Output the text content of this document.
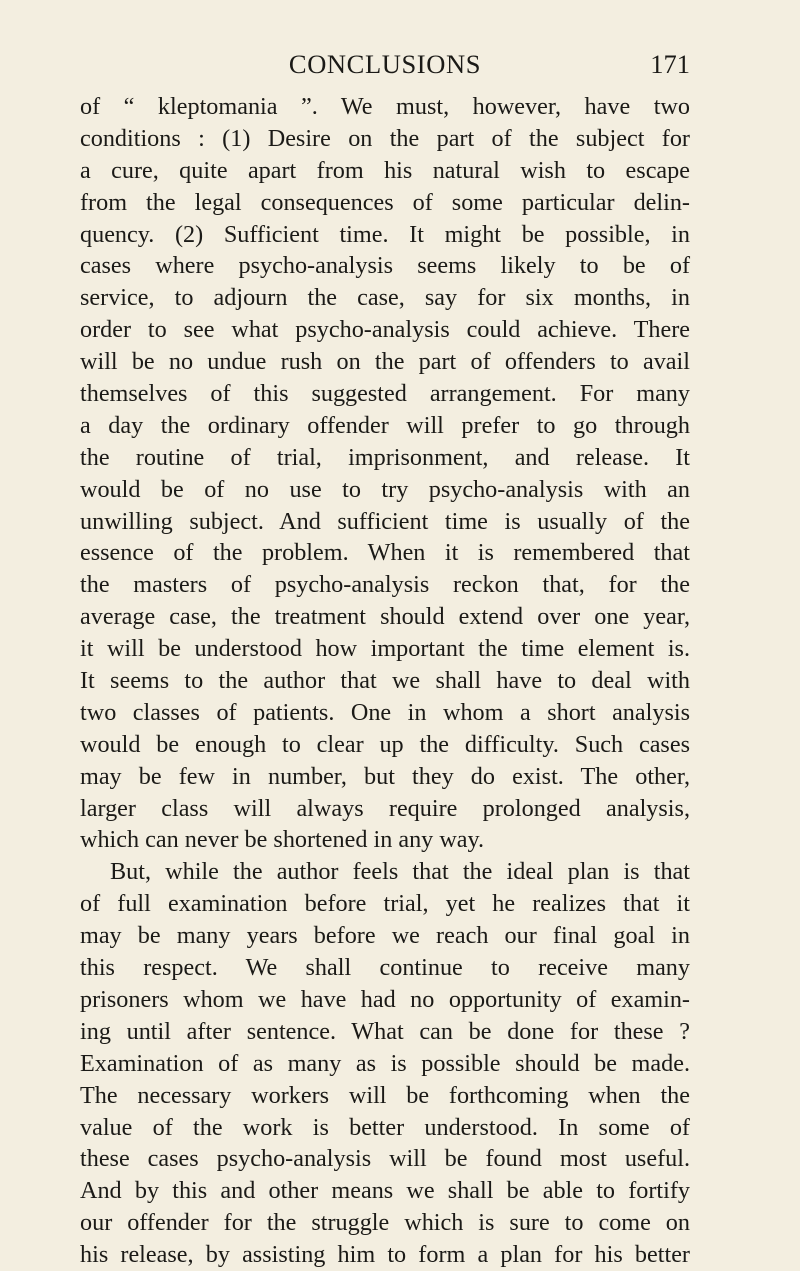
CONCLUSIONS	171
of “ kleptomania ”. We must, however, have two
conditions : (1) Desire on the part of the subject for
a cure, quite apart from his natural wish to escape
from the legal consequences of some particular delin-
quency. (2) Sufficient time. It might be possible, in
cases where psycho-analysis seems likely to be of
service, to adjourn the case, say for six months, in
order to see what psycho-analysis could achieve. There
will be no undue rush on the part of offenders to avail
themselves of this suggested arrangement. For many
a day the ordinary offender will prefer to go through
the routine of trial, imprisonment, and release. It
would be of no use to try psycho-analysis with an
unwilling subject. And sufficient time is usually of the
essence of the problem. When it is remembered that
the masters of psycho-analysis reckon that, for the
average case, the treatment should extend over one year,
it will be understood how important the time element is.
It seems to the author that we shall have to deal with
two classes of patients. One in whom a short analysis
would be enough to clear up the difficulty. Such cases
may be few in number, but they do exist. The other,
larger class will always require prolonged analysis,
which can never be shortened in any way.
But, while the author feels that the ideal plan is that
of full examination before trial, yet he realizes that it
may be many years before we reach our final goal in
this respect. We shall continue to receive many
prisoners whom we have had no opportunity of examin-
ing until after sentence. What can be done for these ?
Examination of as many as is possible should be made.
The necessary workers will be forthcoming when the
value of the work is better understood. In some of
these cases psycho-analysis will be found most useful.
And by this and other means we shall be able to fortify
our offender for the struggle which is sure to come on
his release, by assisting him to form a plan for his better
